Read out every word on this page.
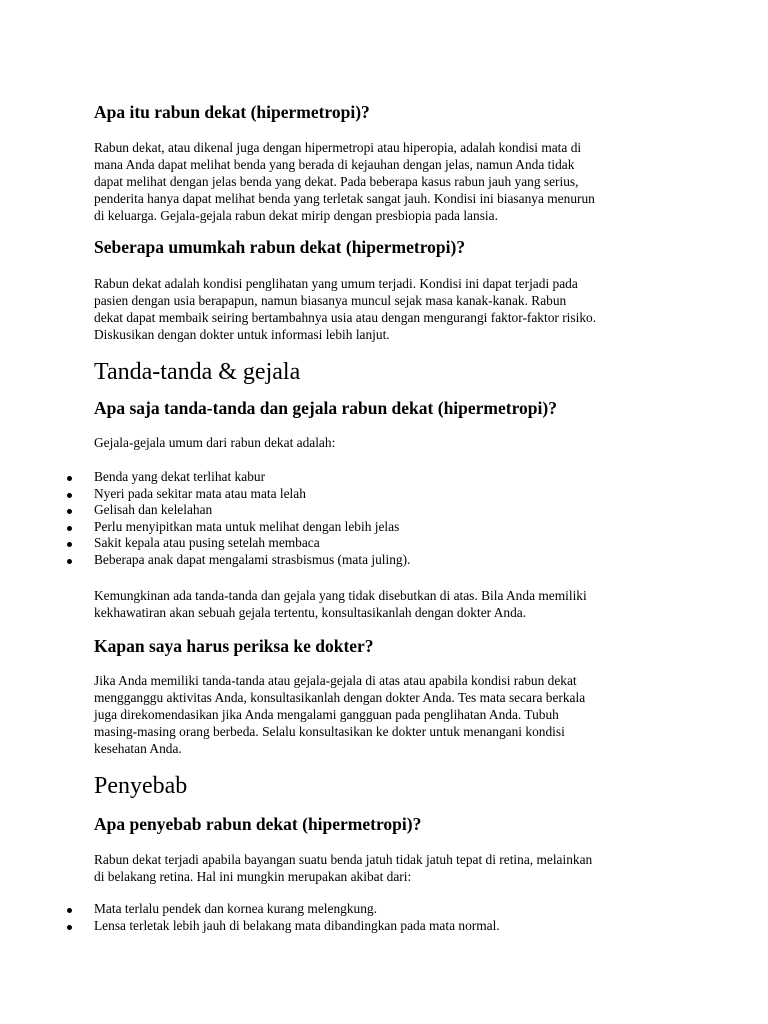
Apa itu rabun dekat (hipermetropi)?
Rabun dekat, atau dikenal juga dengan hipermetropi atau hiperopia, adalah kondisi mata di
mana Anda dapat melihat benda yang berada di kejauhan dengan jelas, namun Anda tidak
dapat melihat dengan jelas benda yang dekat. Pada beberapa kasus rabun jauh yang serius,
penderita hanya dapat melihat benda yang terletak sangat jauh. Kondisi ini biasanya menurun
di keluarga. Gejala-gejala rabun dekat mirip dengan presbiopia pada lansia.
Seberapa umumkah rabun dekat (hipermetropi)?
Rabun dekat adalah kondisi penglihatan yang umum terjadi. Kondisi ini dapat terjadi pada
pasien dengan usia berapapun, namun biasanya muncul sejak masa kanak-kanak. Rabun
dekat dapat membaik seiring bertambahnya usia atau dengan mengurangi faktor-faktor risiko.
Diskusikan dengan dokter untuk informasi lebih lanjut.
Tanda-tanda & gejala
Apa saja tanda-tanda dan gejala rabun dekat (hipermetropi)?
Gejala-gejala umum dari rabun dekat adalah:
Benda yang dekat terlihat kabur
Nyeri pada sekitar mata atau mata lelah
Gelisah dan kelelahan
Perlu menyipitkan mata untuk melihat dengan lebih jelas
Sakit kepala atau pusing setelah membaca
Beberapa anak dapat mengalami strasbismus (mata juling).
Kemungkinan ada tanda-tanda dan gejala yang tidak disebutkan di atas. Bila Anda memiliki
kekhawatiran akan sebuah gejala tertentu, konsultasikanlah dengan dokter Anda.
Kapan saya harus periksa ke dokter?
Jika Anda memiliki tanda-tanda atau gejala-gejala di atas atau apabila kondisi rabun dekat
mengganggu aktivitas Anda, konsultasikanlah dengan dokter Anda. Tes mata secara berkala
juga direkomendasikan jika Anda mengalami gangguan pada penglihatan Anda. Tubuh
masing-masing orang berbeda. Selalu konsultasikan ke dokter untuk menangani kondisi
kesehatan Anda.
Penyebab
Apa penyebab rabun dekat (hipermetropi)?
Rabun dekat terjadi apabila bayangan suatu benda jatuh tidak jatuh tepat di retina, melainkan
di belakang retina. Hal ini mungkin merupakan akibat dari:
Mata terlalu pendek dan kornea kurang melengkung.
Lensa terletak lebih jauh di belakang mata dibandingkan pada mata normal.
